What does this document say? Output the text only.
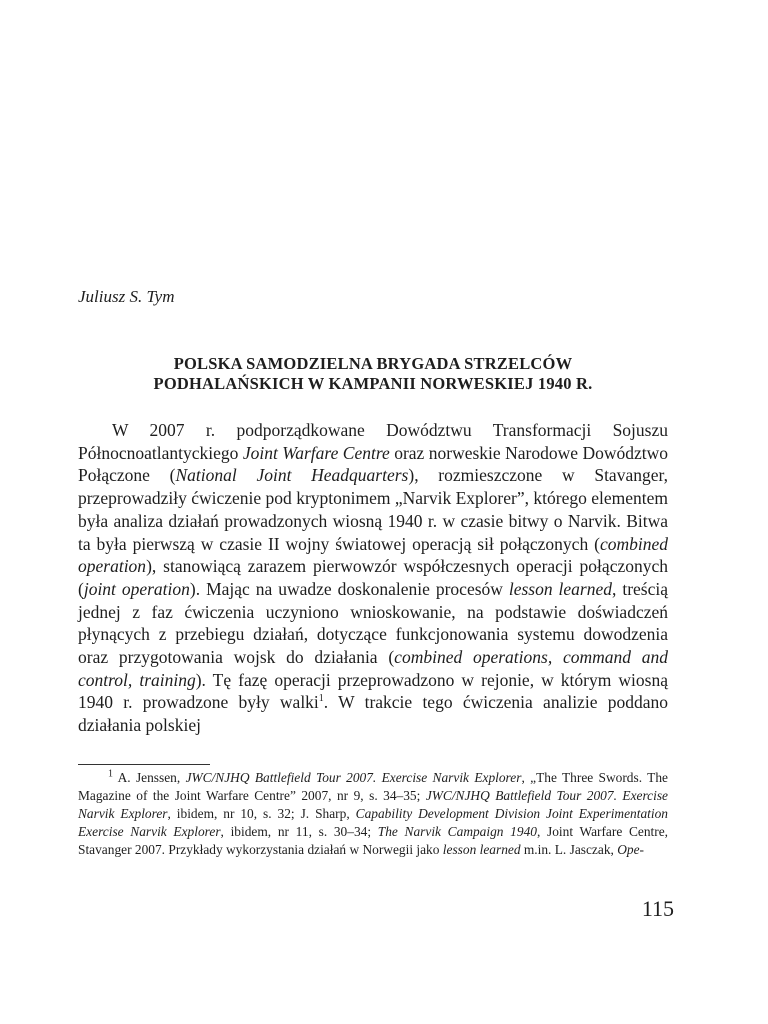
Juliusz S. Tym

POLSKA SAMODZIELNA BRYGADA STRZELCÓW
PODHALAŃSKICH W KAMPANII NORWESKIEJ 1940 R.

W 2007 r. podporządkowane Dowództwu Transformacji Sojuszu Północnoatlantyckiego Joint Warfare Centre oraz norweskie Narodowe Dowództwo Połączone (National Joint Headquarters), rozmieszczone w Stavanger, przeprowadziły ćwiczenie pod kryptonimem „Narvik Explorer”, którego elementem była analiza działań prowadzonych wiosną 1940 r. w czasie bitwy o Narvik. Bitwa ta była pierwszą w czasie II wojny światowej operacją sił połączonych (combined operation), stanowiącą zarazem pierwowzór współczesnych operacji połączonych (joint operation). Mając na uwadze doskonalenie procesów lesson learned, treścią jednej z faz ćwiczenia uczyniono wnioskowanie, na podstawie doświadczeń płynących z przebiegu działań, dotyczące funkcjonowania systemu dowodzenia oraz przygotowania wojsk do działania (combined operations, command and control, training). Tę fazę operacji przeprowadzono w rejonie, w którym wiosną 1940 r. prowadzone były walki$^1$. W trakcie tego ćwiczenia analizie poddano działania polskiej

$^1$ A. Jenssen, JWC/NJHQ Battlefield Tour 2007. Exercise Narvik Explorer, „The Three Swords. The Magazine of the Joint Warfare Centre” 2007, nr 9, s. 34–35; JWC/NJHQ Battlefield Tour 2007. Exercise Narvik Explorer, ibidem, nr 10, s. 32; J. Sharp, Capability Development Division Joint Experimentation Exercise Narvik Explorer, ibidem, nr 11, s. 30–34; The Narvik Campaign 1940, Joint Warfare Centre, Stavanger 2007. Przykłady wykorzystania działań w Norwegii jako lesson learned m.in. L. Jasczak, Ope-

115
